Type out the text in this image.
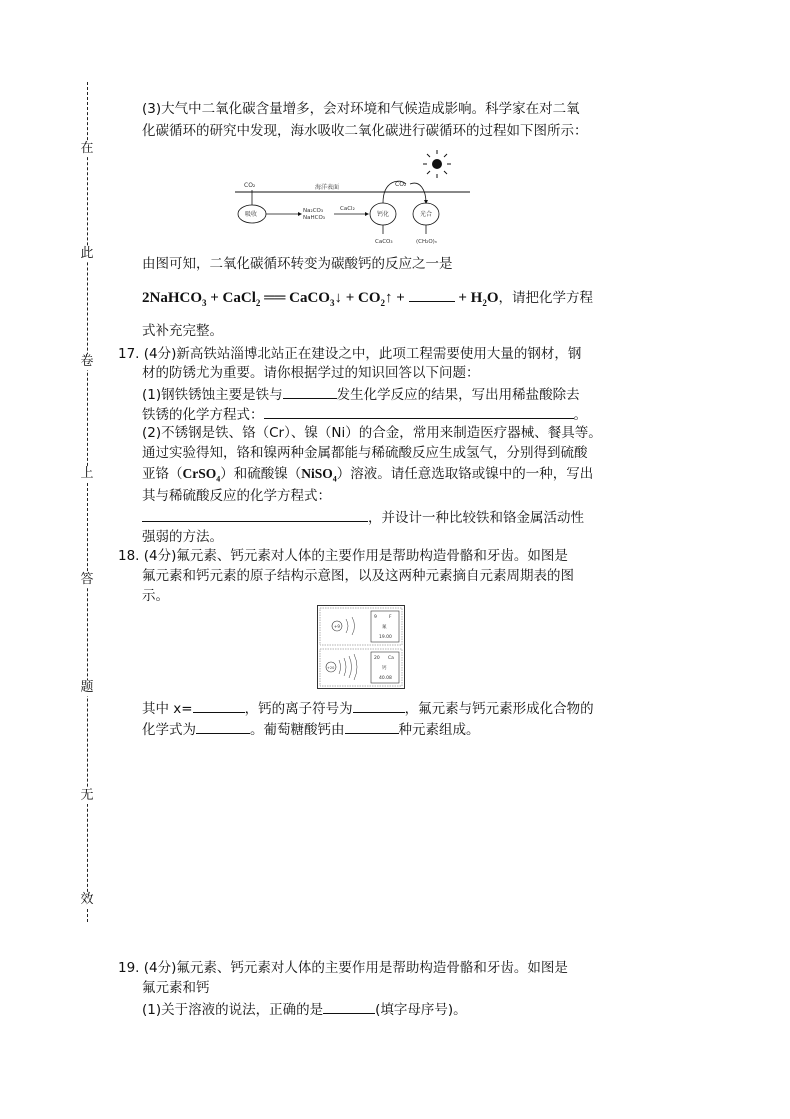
在
此
卷
上
答
题
无
效
(3)大气中二氧化碳含量增多，会对环境和气候造成影响。科学家在对二氧
化碳循环的研究中发现，海水吸收二氧化碳进行碳循环的过程如下图所示：
海洋表面
CO₂
吸收	Na₂CO₃
NaHCO₃
CaCl₂
钙化	光合
CO₂
CaCO₃	(CH₂O)ₙ
由图可知，二氧化碳循环转变为碳酸钙的反应之一是
2NaHCO$_3$ + CaCl$_2$ ══ CaCO$_3$↓ + $CO_2↑$ +	+ $H_2O$，请把化学方程
式补充完整。
17. (4分)新高铁站淄博北站正在建设之中，此项工程需要使用大量的钢材，钢
材的防锈尤为重要。请你根据学过的知识回答以下问题：
(1)钢铁锈蚀主要是铁与	发生化学反应的结果，写出用稀盐酸除去
铁锈的化学方程式：	。
(2)不锈钢是铁、铬（Cr）、镍（Ni）的合金，常用来制造医疗器械、餐具等。
通过实验得知，铬和镍两种金属都能与稀硫酸反应生成氢气，分别得到硫酸
亚铬（CrSO$_4$）和硫酸镍（NiSO$_4$）溶液。请任意选取铬或镍中的一种，写出
其与稀硫酸反应的化学方程式：
，并设计一种比较铁和铬金属活动性
强弱的方法。
18. (4分)氟元素、钙元素对人体的主要作用是帮助构造骨骼和牙齿。如图是
氟元素和钙元素的原子结构示意图，以及这两种元素摘自元素周期表的图
示。
+9
9	F
氟
19.00
+20
20 Ca
钙
40.08
其中 x=	，钙的离子符号为	，氟元素与钙元素形成化合物的
化学式为	。葡萄糖酸钙由	种元素组成。
19. (4分)氟元素、钙元素对人体的主要作用是帮助构造骨骼和牙齿。如图是
氟元素和钙
(1)关于溶液的说法，正确的是	(填字母序号)。
